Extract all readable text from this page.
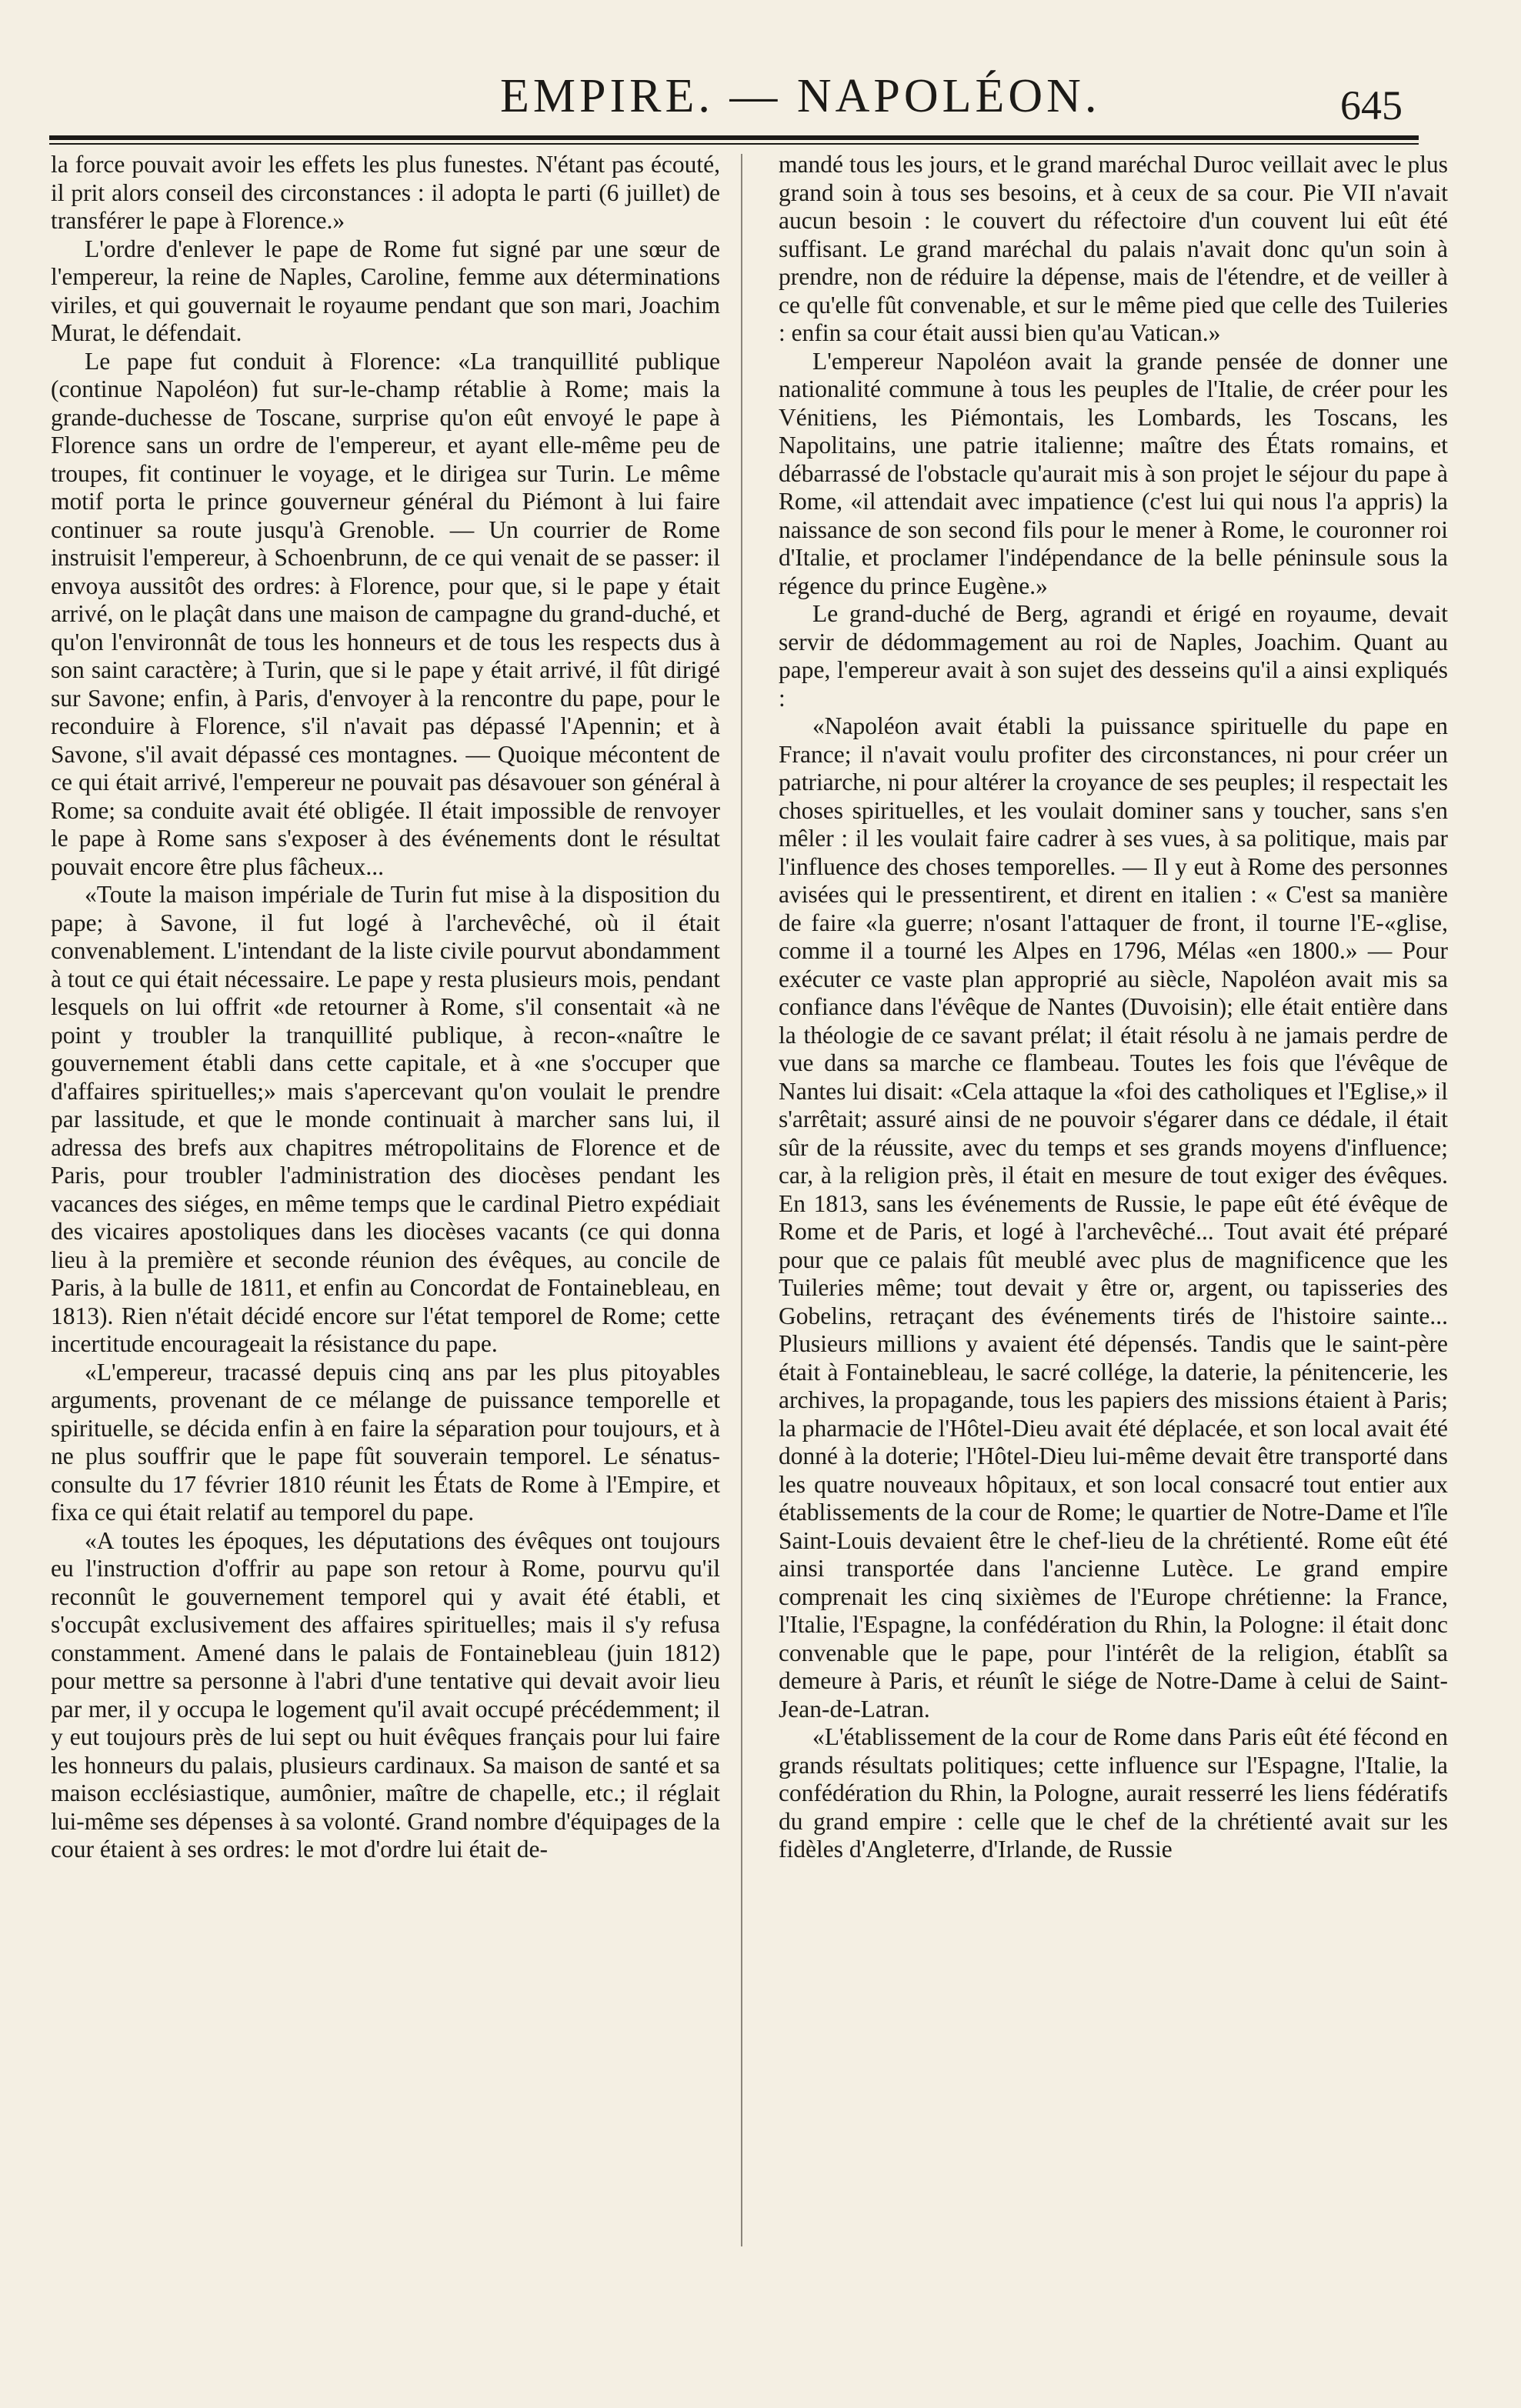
EMPIRE. — NAPOLÉON.	645

la force pouvait avoir les effets les plus funestes. N'étant pas écouté, il prit alors conseil des circonstances : il adopta le parti (6 juillet) de transférer le pape à Florence.»

L'ordre d'enlever le pape de Rome fut signé par une sœur de l'empereur, la reine de Naples, Caroline, femme aux déterminations viriles, et qui gouvernait le royaume pendant que son mari, Joachim Murat, le défendait.

Le pape fut conduit à Florence: «La tranquillité publique (continue Napoléon) fut sur-le-champ rétablie à Rome; mais la grande-duchesse de Toscane, surprise qu'on eût envoyé le pape à Florence sans un ordre de l'empereur, et ayant elle-même peu de troupes, fit continuer le voyage, et le dirigea sur Turin. Le même motif porta le prince gouverneur général du Piémont à lui faire continuer sa route jusqu'à Grenoble. — Un courrier de Rome instruisit l'empereur, à Schoenbrunn, de ce qui venait de se passer: il envoya aussitôt des ordres: à Florence, pour que, si le pape y était arrivé, on le plaçât dans une maison de campagne du grand-duché, et qu'on l'environnât de tous les honneurs et de tous les respects dus à son saint caractère; à Turin, que si le pape y était arrivé, il fût dirigé sur Savone; enfin, à Paris, d'envoyer à la rencontre du pape, pour le reconduire à Florence, s'il n'avait pas dépassé l'Apennin; et à Savone, s'il avait dépassé ces montagnes. — Quoique mécontent de ce qui était arrivé, l'empereur ne pouvait pas désavouer son général à Rome; sa conduite avait été obligée. Il était impossible de renvoyer le pape à Rome sans s'exposer à des événements dont le résultat pouvait encore être plus fâcheux...

«Toute la maison impériale de Turin fut mise à la disposition du pape; à Savone, il fut logé à l'archevêché, où il était convenablement. L'intendant de la liste civile pourvut abondamment à tout ce qui était nécessaire. Le pape y resta plusieurs mois, pendant lesquels on lui offrit «de retourner à Rome, s'il consentait «à ne point y troubler la tranquillité publique, à recon-«naître le gouvernement établi dans cette capitale, et à «ne s'occuper que d'affaires spirituelles;» mais s'apercevant qu'on voulait le prendre par lassitude, et que le monde continuait à marcher sans lui, il adressa des brefs aux chapitres métropolitains de Florence et de Paris, pour troubler l'administration des diocèses pendant les vacances des siéges, en même temps que le cardinal Pietro expédiait des vicaires apostoliques dans les diocèses vacants (ce qui donna lieu à la première et seconde réunion des évêques, au concile de Paris, à la bulle de 1811, et enfin au Concordat de Fontainebleau, en 1813). Rien n'était décidé encore sur l'état temporel de Rome; cette incertitude encourageait la résistance du pape.

«L'empereur, tracassé depuis cinq ans par les plus pitoyables arguments, provenant de ce mélange de puissance temporelle et spirituelle, se décida enfin à en faire la séparation pour toujours, et à ne plus souffrir que le pape fût souverain temporel. Le sénatus-consulte du 17 février 1810 réunit les États de Rome à l'Empire, et fixa ce qui était relatif au temporel du pape.

«A toutes les époques, les députations des évêques ont toujours eu l'instruction d'offrir au pape son retour à Rome, pourvu qu'il reconnût le gouvernement temporel qui y avait été établi, et s'occupât exclusivement des affaires spirituelles; mais il s'y refusa constamment. Amené dans le palais de Fontainebleau (juin 1812) pour mettre sa personne à l'abri d'une tentative qui devait avoir lieu par mer, il y occupa le logement qu'il avait occupé précédemment; il y eut toujours près de lui sept ou huit évêques français pour lui faire les honneurs du palais, plusieurs cardinaux. Sa maison de santé et sa maison ecclésiastique, aumônier, maître de chapelle, etc.; il réglait lui-même ses dépenses à sa volonté. Grand nombre d'équipages de la cour étaient à ses ordres: le mot d'ordre lui était de-

mandé tous les jours, et le grand maréchal Duroc veillait avec le plus grand soin à tous ses besoins, et à ceux de sa cour. Pie VII n'avait aucun besoin : le couvert du réfectoire d'un couvent lui eût été suffisant. Le grand maréchal du palais n'avait donc qu'un soin à prendre, non de réduire la dépense, mais de l'étendre, et de veiller à ce qu'elle fût convenable, et sur le même pied que celle des Tuileries : enfin sa cour était aussi bien qu'au Vatican.»

L'empereur Napoléon avait la grande pensée de donner une nationalité commune à tous les peuples de l'Italie, de créer pour les Vénitiens, les Piémontais, les Lombards, les Toscans, les Napolitains, une patrie italienne; maître des États romains, et débarrassé de l'obstacle qu'aurait mis à son projet le séjour du pape à Rome, «il attendait avec impatience (c'est lui qui nous l'a appris) la naissance de son second fils pour le mener à Rome, le couronner roi d'Italie, et proclamer l'indépendance de la belle péninsule sous la régence du prince Eugène.»

Le grand-duché de Berg, agrandi et érigé en royaume, devait servir de dédommagement au roi de Naples, Joachim. Quant au pape, l'empereur avait à son sujet des desseins qu'il a ainsi expliqués :

«Napoléon avait établi la puissance spirituelle du pape en France; il n'avait voulu profiter des circonstances, ni pour créer un patriarche, ni pour altérer la croyance de ses peuples; il respectait les choses spirituelles, et les voulait dominer sans y toucher, sans s'en mêler : il les voulait faire cadrer à ses vues, à sa politique, mais par l'influence des choses temporelles. — Il y eut à Rome des personnes avisées qui le pressentirent, et dirent en italien : « C'est sa manière de faire «la guerre; n'osant l'attaquer de front, il tourne l'E-«glise, comme il a tourné les Alpes en 1796, Mélas «en 1800.» — Pour exécuter ce vaste plan approprié au siècle, Napoléon avait mis sa confiance dans l'évêque de Nantes (Duvoisin); elle était entière dans la théologie de ce savant prélat; il était résolu à ne jamais perdre de vue dans sa marche ce flambeau. Toutes les fois que l'évêque de Nantes lui disait: «Cela attaque la «foi des catholiques et l'Eglise,» il s'arrêtait; assuré ainsi de ne pouvoir s'égarer dans ce dédale, il était sûr de la réussite, avec du temps et ses grands moyens d'influence; car, à la religion près, il était en mesure de tout exiger des évêques. En 1813, sans les événements de Russie, le pape eût été évêque de Rome et de Paris, et logé à l'archevêché... Tout avait été préparé pour que ce palais fût meublé avec plus de magnificence que les Tuileries même; tout devait y être or, argent, ou tapisseries des Gobelins, retraçant des événements tirés de l'histoire sainte... Plusieurs millions y avaient été dépensés. Tandis que le saint-père était à Fontainebleau, le sacré collége, la daterie, la pénitencerie, les archives, la propagande, tous les papiers des missions étaient à Paris; la pharmacie de l'Hôtel-Dieu avait été déplacée, et son local avait été donné à la doterie; l'Hôtel-Dieu lui-même devait être transporté dans les quatre nouveaux hôpitaux, et son local consacré tout entier aux établissements de la cour de Rome; le quartier de Notre-Dame et l'île Saint-Louis devaient être le chef-lieu de la chrétienté. Rome eût été ainsi transportée dans l'ancienne Lutèce. Le grand empire comprenait les cinq sixièmes de l'Europe chrétienne: la France, l'Italie, l'Espagne, la confédération du Rhin, la Pologne: il était donc convenable que le pape, pour l'intérêt de la religion, établît sa demeure à Paris, et réunît le siége de Notre-Dame à celui de Saint-Jean-de-Latran.

«L'établissement de la cour de Rome dans Paris eût été fécond en grands résultats politiques; cette influence sur l'Espagne, l'Italie, la confédération du Rhin, la Pologne, aurait resserré les liens fédératifs du grand empire : celle que le chef de la chrétienté avait sur les fidèles d'Angleterre, d'Irlande, de Russie
